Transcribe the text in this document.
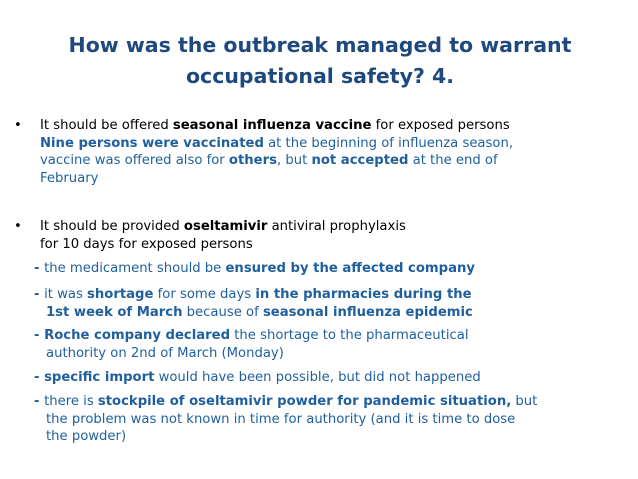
How was the outbreak managed to warrant
occupational safety? 4.
• It should be offered seasonal influenza vaccine for exposed persons
Nine persons were vaccinated at the beginning of influenza season,
vaccine was offered also for others, but not accepted at the end of
February
• It should be provided oseltamivir antiviral prophylaxis
for 10 days for exposed persons
- the medicament should be ensured by the affected company
- it was shortage for some days in the pharmacies during the
1st week of March because of seasonal influenza epidemic
- Roche company declared the shortage to the pharmaceutical
authority on 2nd of March (Monday)
- specific import would have been possible, but did not happened
- there is stockpile of oseltamivir powder for pandemic situation, but
the problem was not known in time for authority (and it is time to dose
the powder)
